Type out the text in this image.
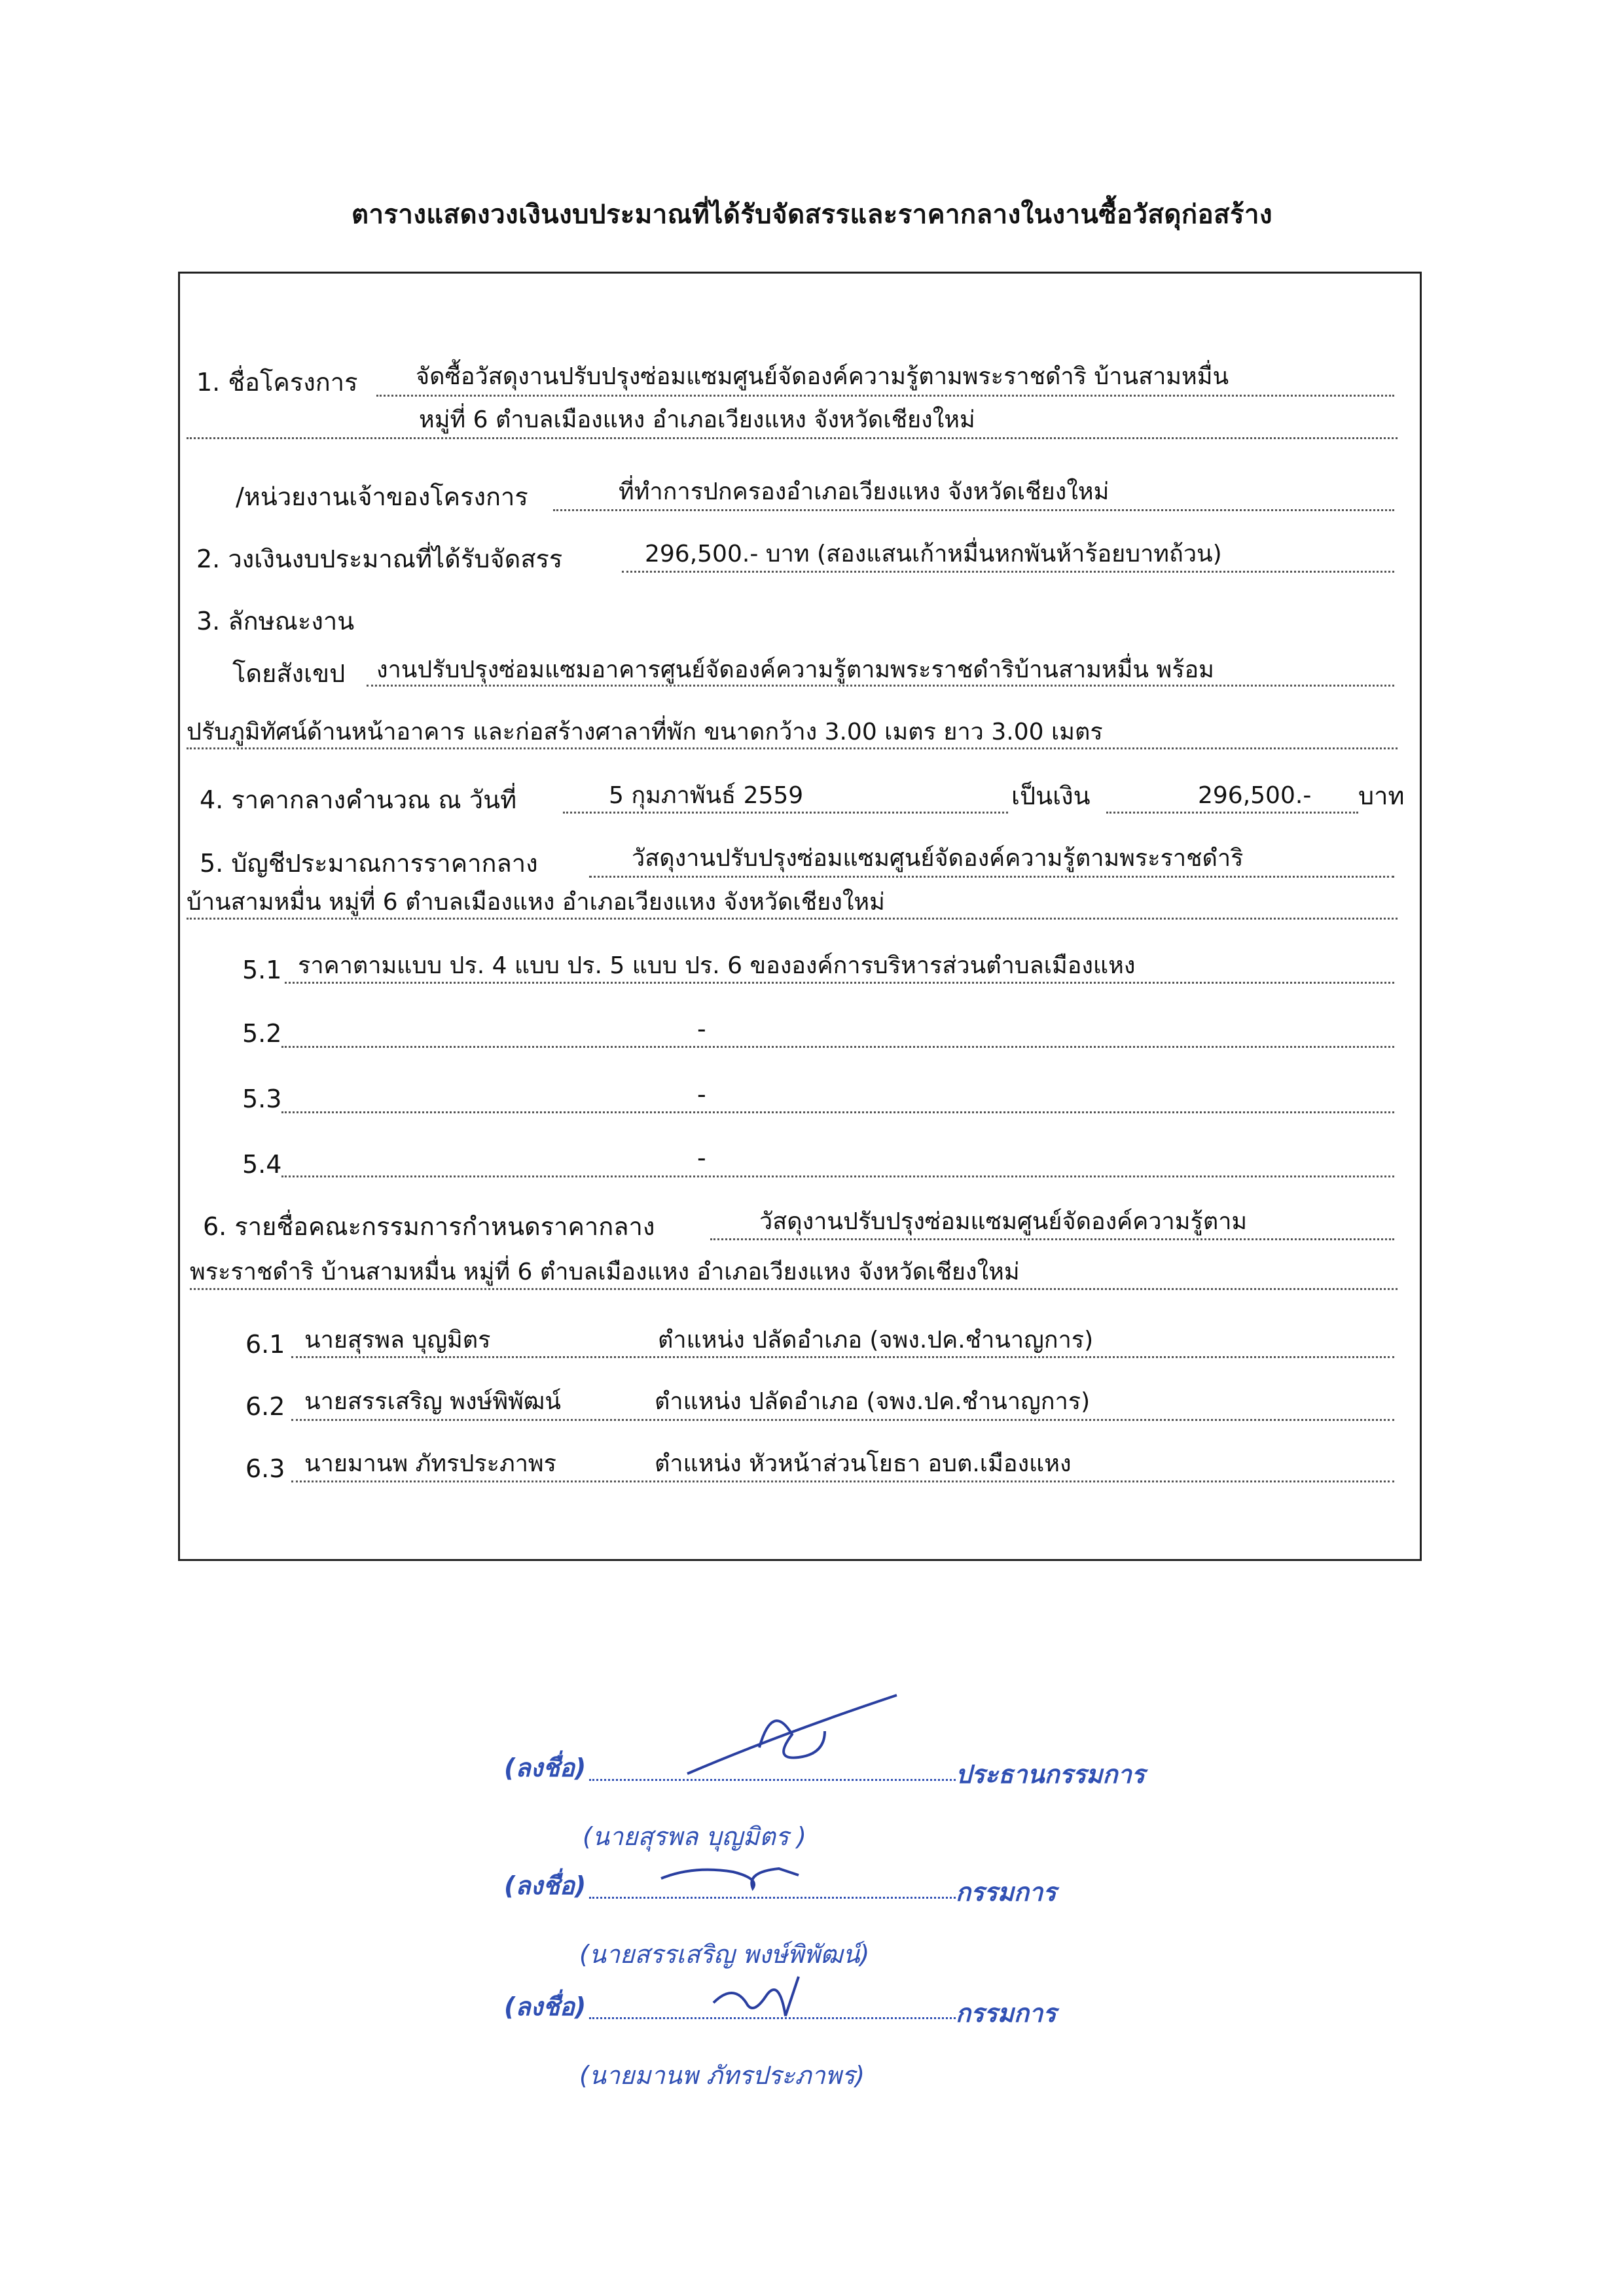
ตารางแสดงวงเงินงบประมาณที่ได้รับจัดสรรและราคากลางในงานซื้อวัสดุก่อสร้าง
1. ชื่อโครงการ จัดซื้อวัสดุงานปรับปรุงซ่อมแซมศูนย์จัดองค์ความรู้ตามพระราชดำริ บ้านสามหมื่น
หมู่ที่ 6 ตำบลเมืองแหง อำเภอเวียงแหง จังหวัดเชียงใหม่
/หน่วยงานเจ้าของโครงการ	ที่ทำการปกครองอำเภอเวียงแหง จังหวัดเชียงใหม่
2. วงเงินงบประมาณที่ได้รับจัดสรร	296,500.- บาท (สองแสนเก้าหมื่นหกพันห้าร้อยบาทถ้วน)
3. ลักษณะงาน
โดยสังเขป งานปรับปรุงซ่อมแซมอาคารศูนย์จัดองค์ความรู้ตามพระราชดำริบ้านสามหมื่น พร้อม
ปรับภูมิทัศน์ด้านหน้าอาคาร และก่อสร้างศาลาที่พัก ขนาดกว้าง 3.00 เมตร ยาว 3.00 เมตร
4. ราคากลางคำนวณ ณ วันที่	5 กุมภาพันธ์ 2559	เป็นเงิน	296,500.- บาท
5. บัญชีประมาณการราคากลาง	วัสดุงานปรับปรุงซ่อมแซมศูนย์จัดองค์ความรู้ตามพระราชดำริ
บ้านสามหมื่น หมู่ที่ 6 ตำบลเมืองแหง อำเภอเวียงแหง จังหวัดเชียงใหม่
5.1 ราคาตามแบบ ปร. 4 แบบ ปร. 5 แบบ ปร. 6 ขององค์การบริหารส่วนตำบลเมืองแหง
5.2	-
5.3	-
5.4	-
6. รายชื่อคณะกรรมการกำหนดราคากลาง	วัสดุงานปรับปรุงซ่อมแซมศูนย์จัดองค์ความรู้ตาม
พระราชดำริ บ้านสามหมื่น หมู่ที่ 6 ตำบลเมืองแหง อำเภอเวียงแหง จังหวัดเชียงใหม่
6.1 นายสุรพล บุญมิตร	ตำแหน่ง ปลัดอำเภอ (จพง.ปค.ชำนาญการ)
6.2 นายสรรเสริญ พงษ์พิพัฒน์	ตำแหน่ง ปลัดอำเภอ (จพง.ปค.ชำนาญการ)
6.3 นายมานพ ภัทรประภาพร	ตำแหน่ง หัวหน้าส่วนโยธา อบต.เมืองแหง
(ลงชื่อ)	ประธานกรรมการ
(นายสุรพล บุญมิตร )
(ลงชื่อ)	กรรมการ
(นายสรรเสริญ พงษ์พิพัฒน์)
(ลงชื่อ)	กรรมการ
(นายมานพ ภัทรประภาพร)
